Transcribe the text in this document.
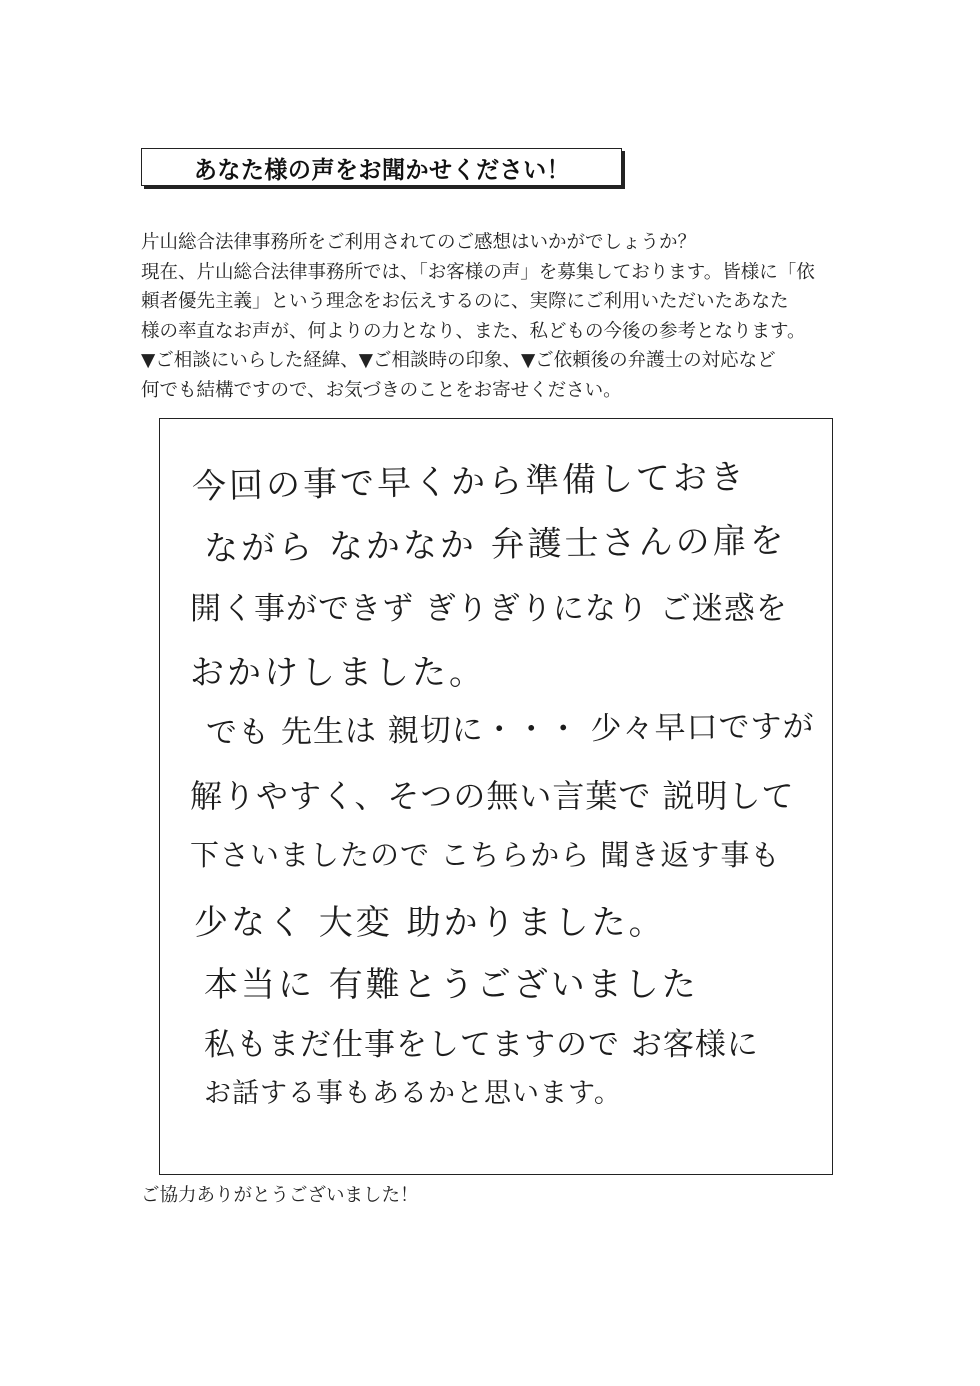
あなた様の声をお聞かせください！
片山総合法律事務所をご利用されてのご感想はいかがでしょうか？
現在、片山総合法律事務所では、「お客様の声」を募集しております。皆様に「依
頼者優先主義」という理念をお伝えするのに、実際にご利用いただいたあなた
様の率直なお声が、何よりの力となり、また、私どもの今後の参考となります。
▼ご相談にいらした経緯、▼ご相談時の印象、▼ご依頼後の弁護士の対応など
何でも結構ですので、お気づきのことをお寄せください。
今回の事で早くから準備しておき
ながら なかなか 弁護士さんの扉を
開く事ができず ぎりぎりになり ご迷惑を
おかけしました。
でも 先生は 親切に・・・ 少々早口ですが
解りやすく、そつの無い言葉で 説明して
下さいましたので こちらから 聞き返す事も
少なく 大変 助かりました。
本当に 有難とうございました
私もまだ仕事をしてますので お客様に
お話する事もあるかと思います。
ご協力ありがとうございました！
